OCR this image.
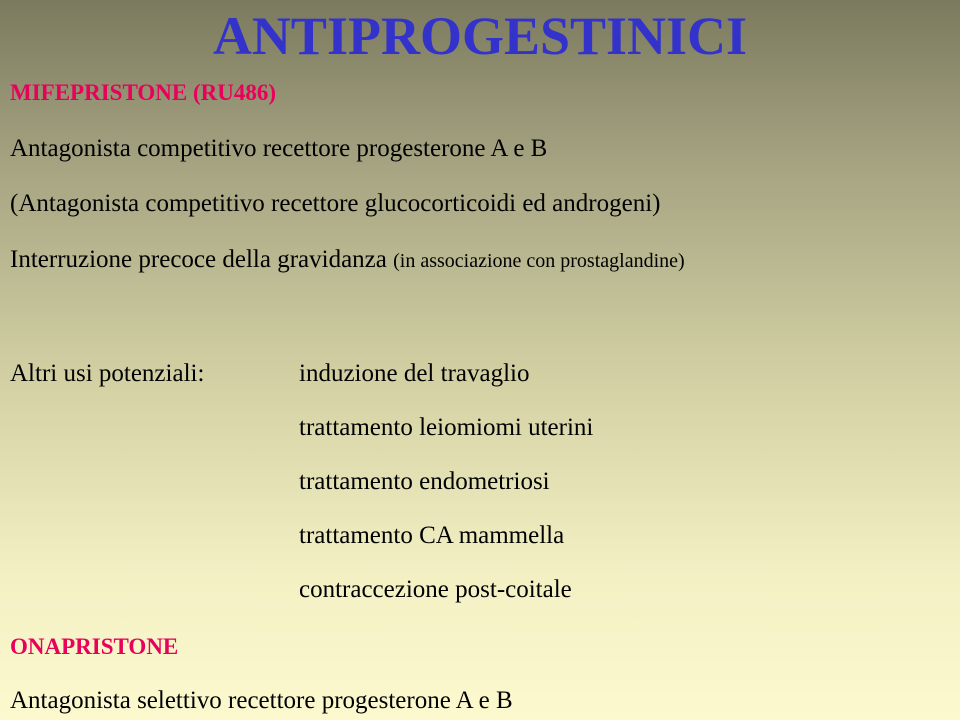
ANTIPROGESTINICI
MIFEPRISTONE (RU486)
Antagonista competitivo recettore progesterone A e B
(Antagonista competitivo recettore glucocorticoidi ed androgeni)
Interruzione precoce della gravidanza (in associazione con prostaglandine)
Altri usi potenziali:	induzione del travaglio
trattamento leiomiomi uterini
trattamento endometriosi
trattamento CA mammella
contraccezione post-coitale
ONAPRISTONE
Antagonista selettivo recettore progesterone A e B
